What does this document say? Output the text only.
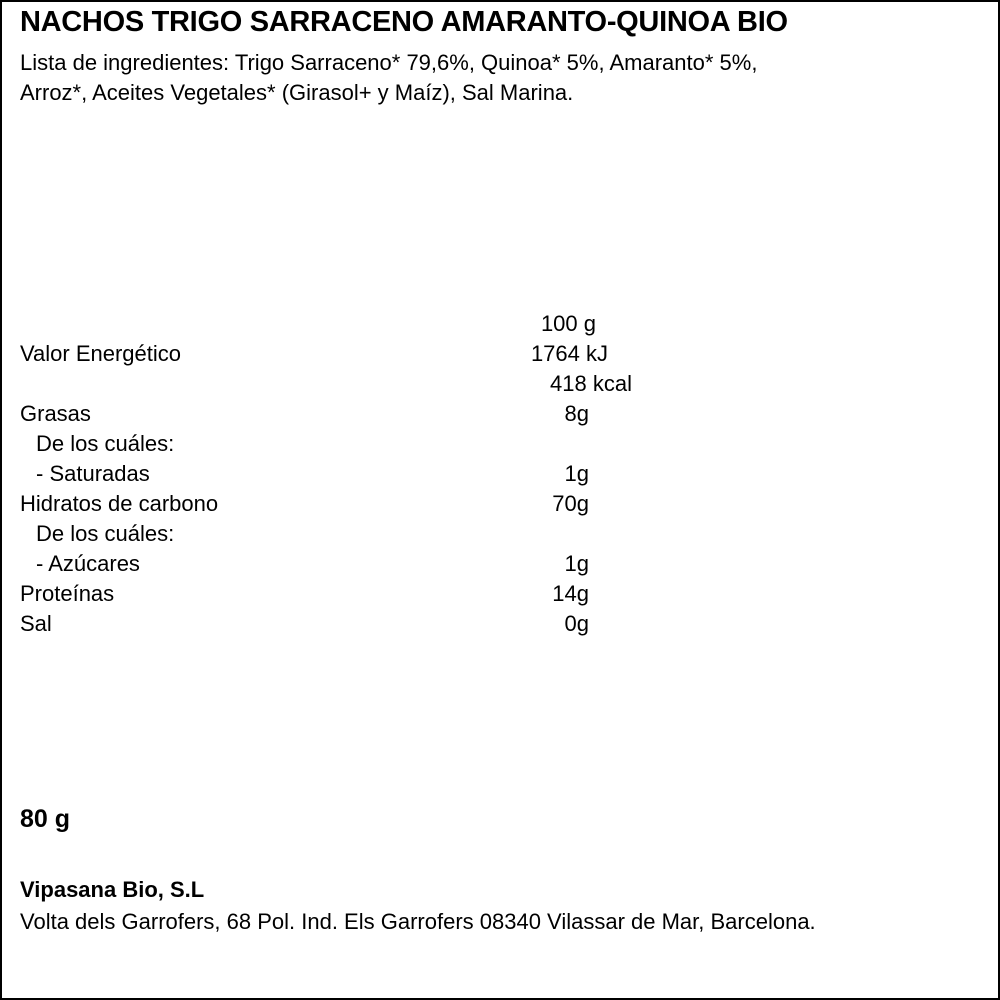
NACHOS TRIGO SARRACENO AMARANTO-QUINOA BIO
Lista de ingredientes: Trigo Sarraceno* 79,6%, Quinoa* 5%, Amaranto* 5%,
Arroz*, Aceites Vegetales* (Girasol+ y Maíz), Sal Marina.
100 g
Valor Energético	1764 kJ
418 kcal
Grasas	8g
De los cuáles:
- Saturadas	1g
Hidratos de carbono	70g
De los cuáles:
- Azúcares	1g
Proteínas	14g
Sal	0g
80 g
Vipasana Bio, S.L
Volta dels Garrofers, 68 Pol. Ind. Els Garrofers 08340 Vilassar de Mar, Barcelona.
